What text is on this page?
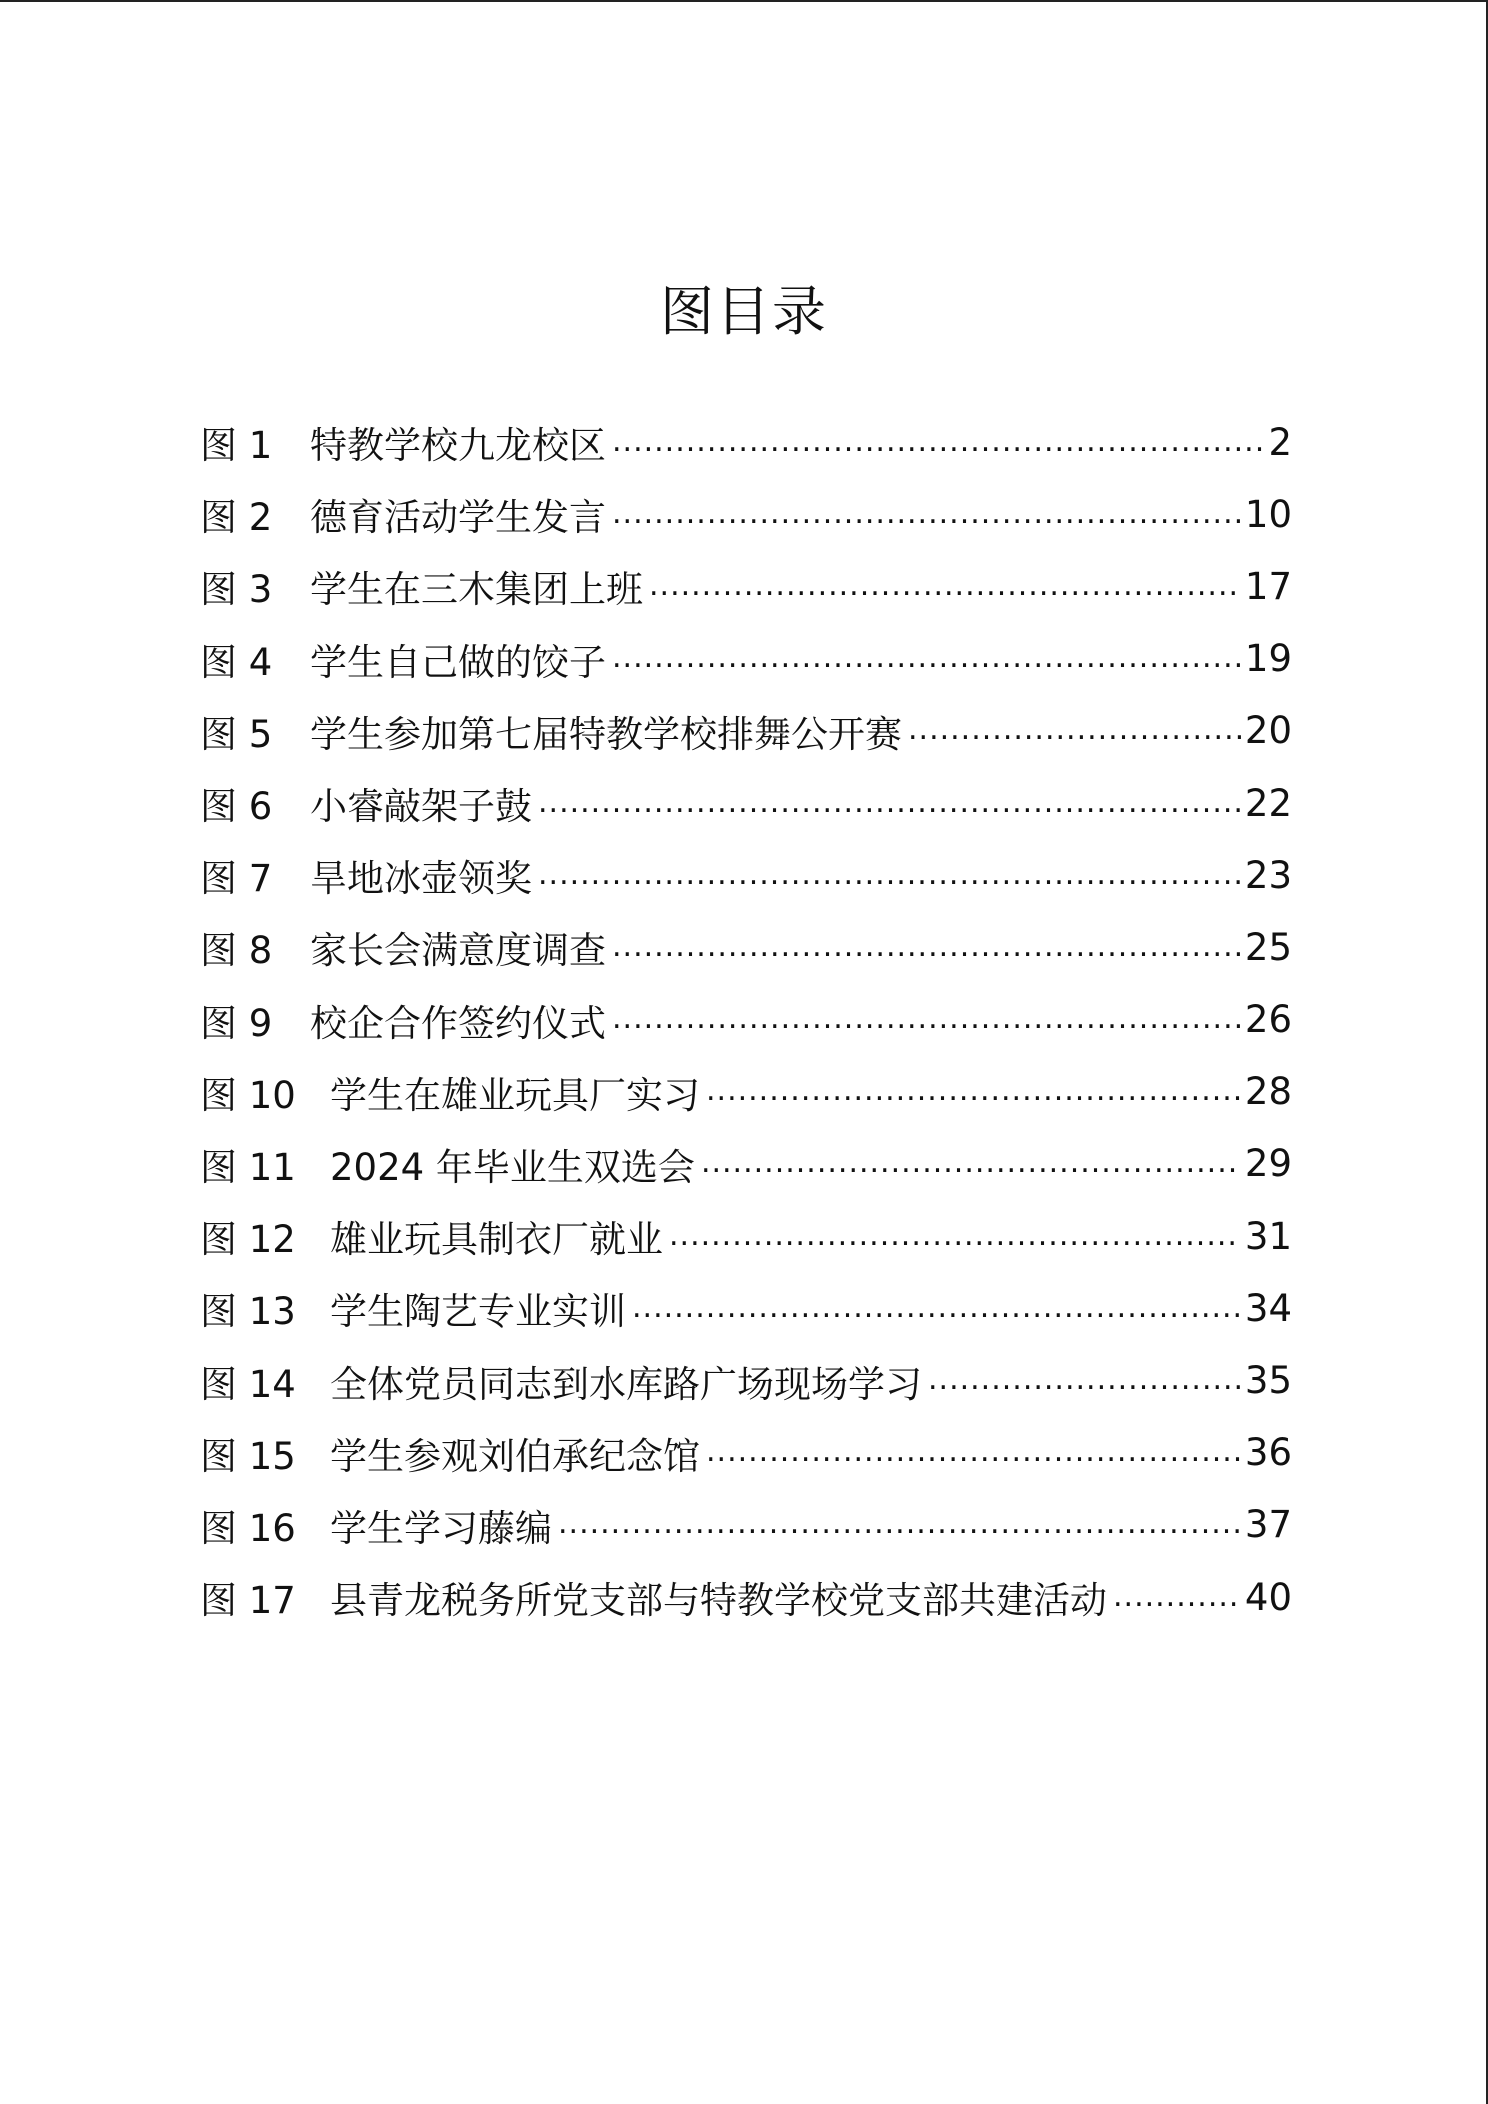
图目录
图 1	特教学校九龙校区 .....	2
图 2	德育活动学生发言 .....	10
图 3	学生在三木集团上班 .....	17
图 4	学生自己做的饺子 .....	19
图 5	学生参加第七届特教学校排舞公开赛 .....	20
图 6	小睿敲架子鼓 .....	22
图 7	旱地冰壶领奖 .....	23
图 8	家长会满意度调查 .....	25
图 9	校企合作签约仪式 .....	26
图 10 学生在雄业玩具厂实习 .....	28
图 11 2024 年毕业生双选会 .....	29
图 12 雄业玩具制衣厂就业 .....	31
图 13 学生陶艺专业实训 .....	34
图 14 全体党员同志到水库路广场现场学习 .....	35
图 15 学生参观刘伯承纪念馆 .....	36
图 16 学生学习藤编 .....	37
图 17 县青龙税务所党支部与特教学校党支部共建活动 .....	40
